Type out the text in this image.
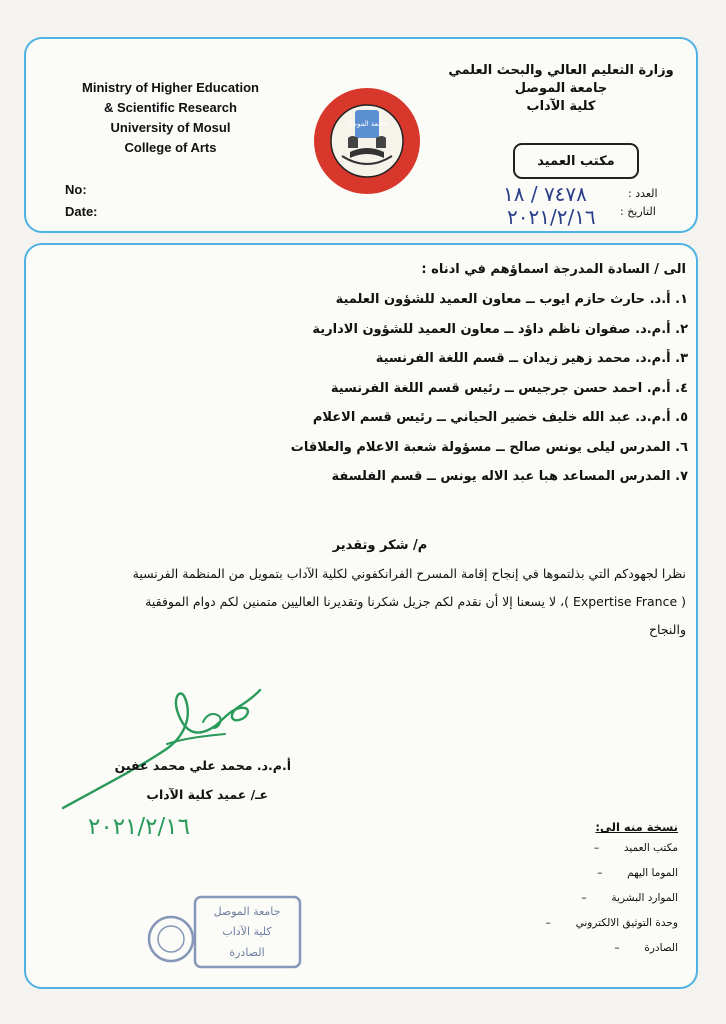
Ministry of Higher Education
& Scientific Research
University of Mosul
College of Arts
No:
Date:
جامعة الموصل
وزارة التعليم العالي والبحث العلمي
جامعة الموصل
كلية الآداب
مكتب العميد
العدد :
التاريخ :
٧٤٧٨ / ١٨
٢٠٢١/٢/١٦
الى / السادة المدرجة اسماؤهم في ادناه :
١. أ.د. حارث حازم ايوب ــ معاون العميد للشؤون العلمية
٢. أ.م.د. صفوان ناظم داؤد ــ معاون العميد للشؤون الادارية
٣. أ.م.د. محمد زهير زيدان ــ قسم اللغة الفرنسية
٤. أ.م. احمد حسن جرجيس ــ رئيس قسم اللغة الفرنسية
٥. أ.م.د. عبد الله خليف خضير الحياني ــ رئيس قسم الاعلام
٦. المدرس ليلى يونس صالح ــ مسؤولة شعبة الاعلام والعلاقات
٧. المدرس المساعد هبا عبد الاله يونس ــ قسم الفلسفة
م/ شكر وتقدير

نظرا لجهودكم التي بذلتموها في إنجاح إقامة المسرح الفرانكفوني لكلية الآداب بتمويل من المنظمة الفرنسية

( Expertise France )، لا يسعنا إلا أن نقدم لكم جزيل شكرنا وتقديرنا العاليين متمنين لكم دوام الموفقية

والنجاح

أ.م.د. محمد علي محمد عفين
عـ/ عميد كلية الآداب
٢٠٢١/٢/١٦	نسخة منه الى:
مكتب العميد–
الموما اليهم–
الموارد البشرية–
وحدة التوثيق الالكتروني–
الصادرة–
جامعة الموصل
كلية الآداب
الصادرة
